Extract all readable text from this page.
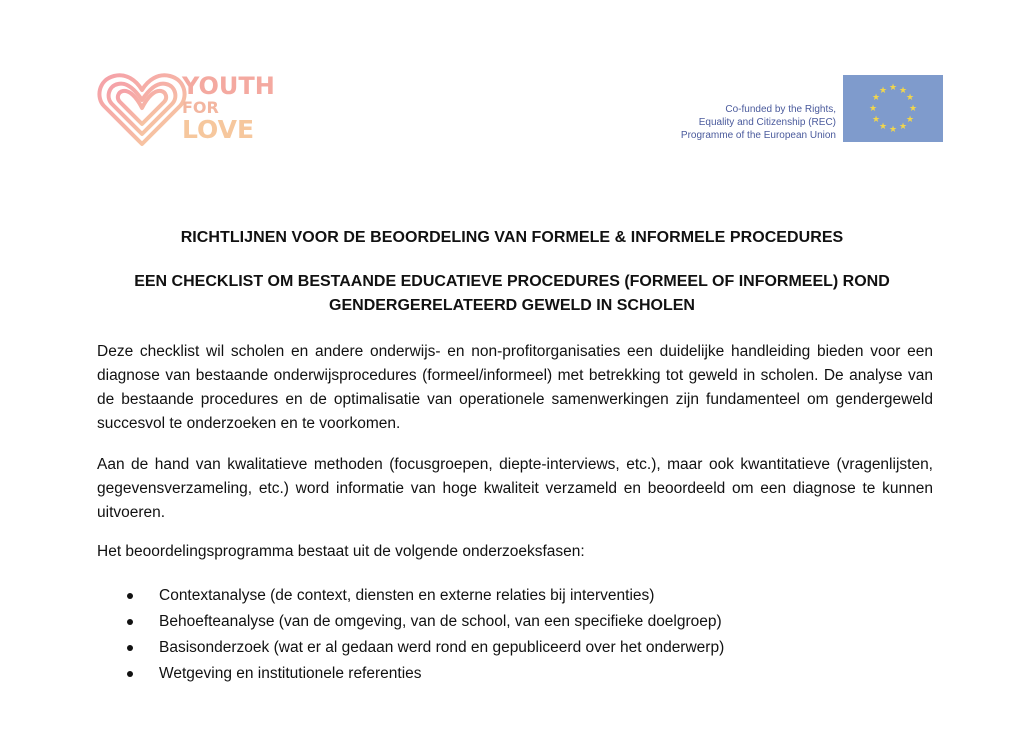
YOUTH
FOR
LOVE
Co-funded by the Rights,
Equality and Citizenship (REC)
Programme of the European Union
★ ★
★
★
★
★
★
★
★
★
★
★
RICHTLIJNEN VOOR DE BEOORDELING VAN FORMELE & INFORMELE PROCEDURES
EEN CHECKLIST OM BESTAANDE EDUCATIEVE PROCEDURES (FORMEEL OF INFORMEEL) ROND
GENDERGERELATEERD GEWELD IN SCHOLEN
Deze checklist wil scholen en andere onderwijs- en non-profitorganisaties een duidelijke handleiding bieden voor een diagnose van bestaande onderwijsprocedures (formeel/informeel) met betrekking tot geweld in scholen. De analyse van de bestaande procedures en de optimalisatie van operationele samenwerkingen zijn fundamenteel om gendergeweld succesvol te onderzoeken en te voorkomen.
Aan de hand van kwalitatieve methoden (focusgroepen, diepte-interviews, etc.), maar ook kwantitatieve (vragenlijsten, gegevensverzameling, etc.) word informatie van hoge kwaliteit verzameld en beoordeeld om een diagnose te kunnen uitvoeren.
Het beoordelingsprogramma bestaat uit de volgende onderzoeksfasen:
Contextanalyse (de context, diensten en externe relaties bij interventies)
Behoefteanalyse (van de omgeving, van de school, van een specifieke doelgroep)
Basisonderzoek (wat er al gedaan werd rond en gepubliceerd over het onderwerp)
Wetgeving en institutionele referenties
